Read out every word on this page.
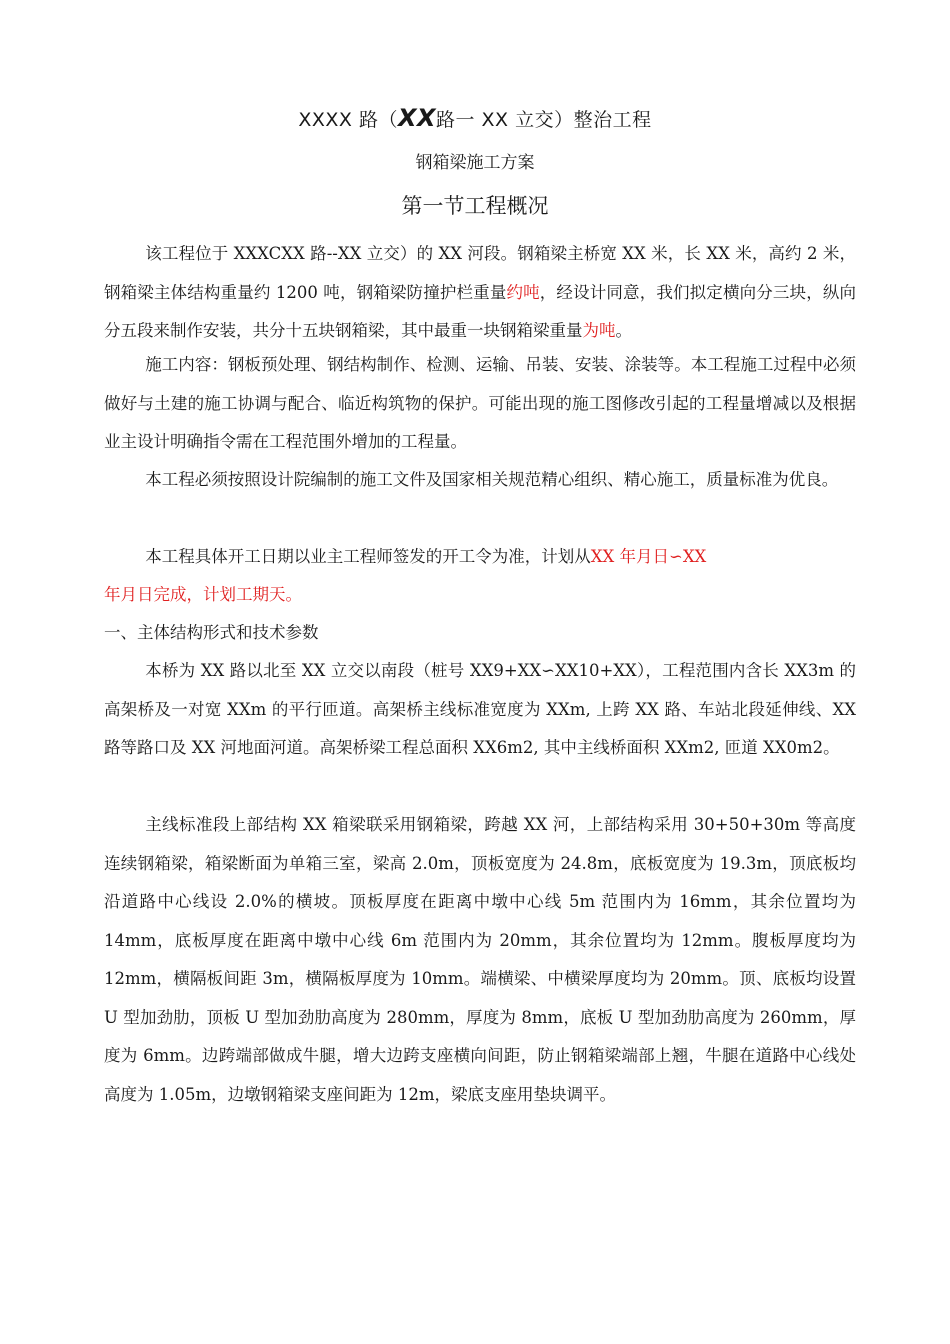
XXXX 路（XX路一 XX 立交）整治工程
钢箱梁施工方案
第一节工程概况

该工程位于 XXXCXX 路--XX 立交）的 XX 河段。钢箱梁主桥宽 XX 米，长 XX 米，高约 2 米，钢箱梁主体结构重量约 1200 吨，钢箱梁防撞护栏重量约吨，经设计同意，我们拟定横向分三块，纵向分五段来制作安装，共分十五块钢箱梁，其中最重一块钢箱梁重量为吨。

施工内容：钢板预处理、钢结构制作、检测、运输、吊装、安装、涂装等。本工程施工过程中必须做好与土建的施工协调与配合、临近构筑物的保护。可能出现的施工图修改引起的工程量增减以及根据业主设计明确指令需在工程范围外增加的工程量。

本工程必须按照设计院编制的施工文件及国家相关规范精心组织、精心施工，质量标准为优良。

本工程具体开工日期以业主工程师签发的开工令为准，计划从XX 年月日∽XX

年月日完成，计划工期天。
一、主体结构形式和技术参数

本桥为 XX 路以北至 XX 立交以南段（桩号 XX9+XX∽XX10+XX），工程范围内含长 XX3m 的高架桥及一对宽 XXm 的平行匝道。高架桥主线标准宽度为 XXm, 上跨 XX 路、车站北段延伸线、XX 路等路口及 XX 河地面河道。高架桥梁工程总面积 XX6m2, 其中主线桥面积 XXm2, 匝道 XX0m2。

主线标准段上部结构 XX 箱梁联采用钢箱梁，跨越 XX 河，上部结构采用 30+50+30m 等高度连续钢箱梁，箱梁断面为单箱三室，梁高 2.0m，顶板宽度为 24.8m，底板宽度为 19.3m，顶底板均沿道路中心线设 2.0%的横坡。顶板厚度在距离中墩中心线 5m 范围内为 16mm，其余位置均为 14mm，底板厚度在距离中墩中心线 6m 范围内为 20mm，其余位置均为 12mm。腹板厚度均为 12mm，横隔板间距 3m，横隔板厚度为 10mm。端横梁、中横梁厚度均为 20mm。顶、底板均设置 U 型加劲肋，顶板 U 型加劲肋高度为 280mm，厚度为 8mm，底板 U 型加劲肋高度为 260mm，厚度为 6mm。边跨端部做成牛腿，增大边跨支座横向间距，防止钢箱梁端部上翘，牛腿在道路中心线处高度为 1.05m，边墩钢箱梁支座间距为 12m，梁底支座用垫块调平。
